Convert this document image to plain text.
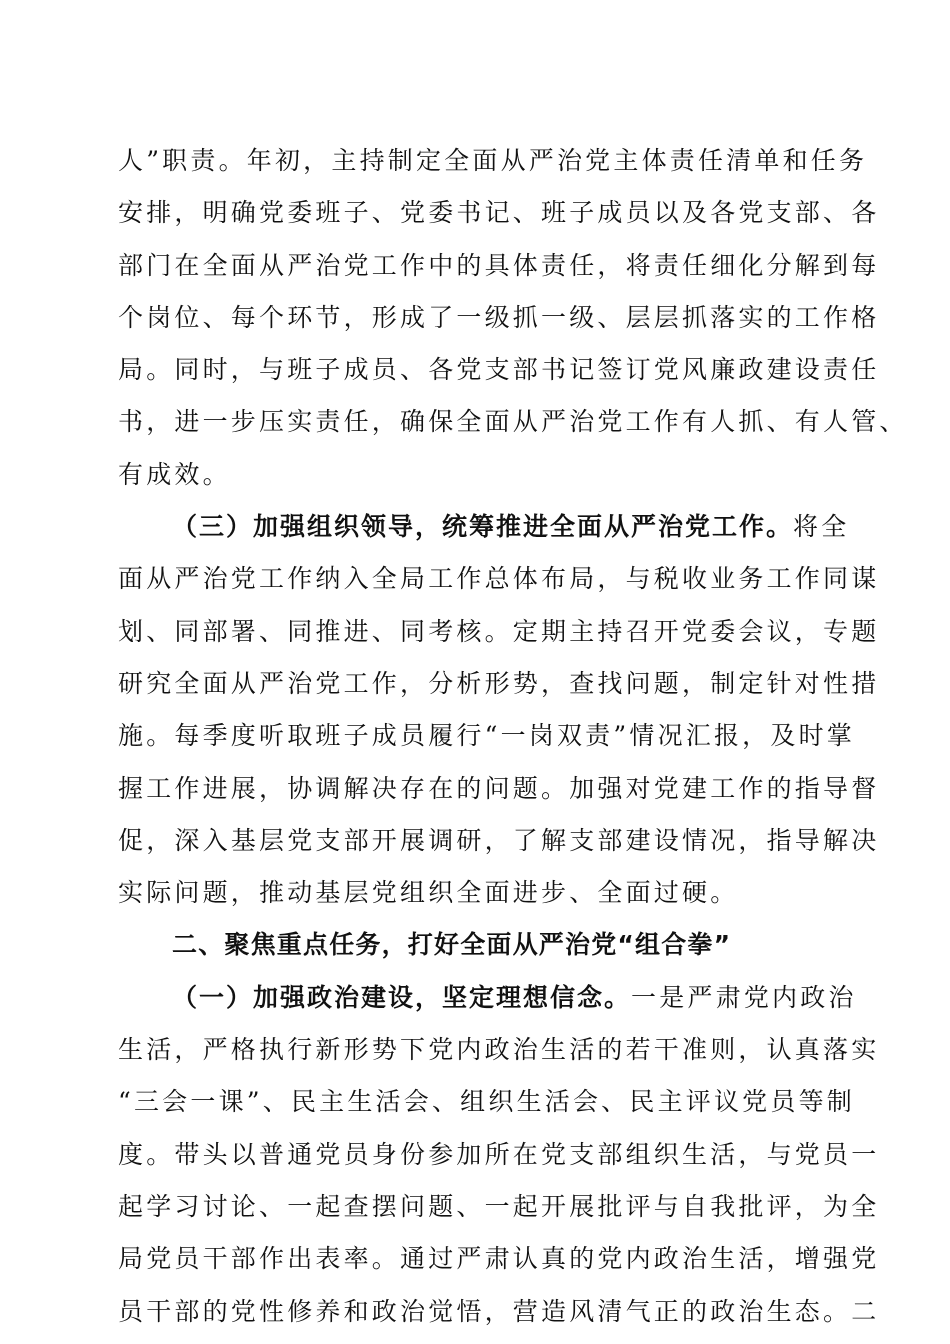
人”职责。年初，主持制定全面从严治党主体责任清单和任务
安排，明确党委班子、党委书记、班子成员以及各党支部、各
部门在全面从严治党工作中的具体责任，将责任细化分解到每
个岗位、每个环节，形成了一级抓一级、层层抓落实的工作格
局。同时，与班子成员、各党支部书记签订党风廉政建设责任
书，进一步压实责任，确保全面从严治党工作有人抓、有人管、
有成效。
（三）加强组织领导，统筹推进全面从严治党工作。将全
面从严治党工作纳入全局工作总体布局，与税收业务工作同谋
划、同部署、同推进、同考核。定期主持召开党委会议，专题
研究全面从严治党工作，分析形势，查找问题，制定针对性措
施。每季度听取班子成员履行“一岗双责”情况汇报，及时掌
握工作进展，协调解决存在的问题。加强对党建工作的指导督
促，深入基层党支部开展调研，了解支部建设情况，指导解决
实际问题，推动基层党组织全面进步、全面过硬。
二、聚焦重点任务，打好全面从严治党“组合拳”
（一）加强政治建设，坚定理想信念。一是严肃党内政治
生活，严格执行新形势下党内政治生活的若干准则，认真落实
“三会一课”、民主生活会、组织生活会、民主评议党员等制
度。带头以普通党员身份参加所在党支部组织生活，与党员一
起学习讨论、一起查摆问题、一起开展批评与自我批评，为全
局党员干部作出表率。通过严肃认真的党内政治生活，增强党
员干部的党性修养和政治觉悟，营造风清气正的政治生态。二
